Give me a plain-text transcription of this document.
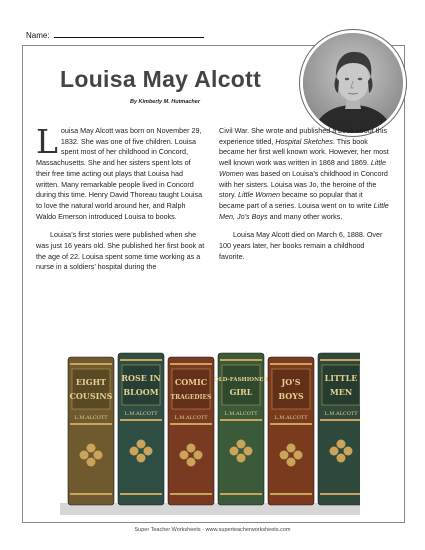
Name:
Louisa May Alcott
By Kimberly M. Hutmacher

Louisa May Alcott was born on November 29, 1832. She was one of five children. Louisa spent most of her childhood in Concord, Massachusetts. She and her sisters spent lots of their free time acting out plays that Louisa had written. Many remarkable people lived in Concord during this time. Henry David Thoreau taught Louisa to love the natural world around her, and Ralph Waldo Emerson introduced Louisa to books.

Louisa’s first stories were published when she was just 16 years old. She published her first book at the age of 22. Louisa spent some time working as a nurse in a soldiers’ hospital during the

Civil War. She wrote and published a book about this experience titled, Hospital Sketches. This book became her first well known work. However, her most well known work was written in 1868 and 1869. Little Women was based on Louisa’s childhood in Concord with her sisters. Louisa was Jo, the heroine of the story. Little Women became so popular that it became part of a series. Louisa went on to write Little Men, Jo’s Boys and many other works.

Louisa May Alcott died on March 6, 1888. Over 100 years later, her books remain a childhood favorite.

EIGHT
COUSINS
L.M.ALCOTT
ROSE IN
BLOOM
L.M.ALCOTT
COMIC
TRAGEDIES
L.M.ALCOTT
OLD-FASHIONED
GIRL
L.M.ALCOTT
JO'S
BOYS
L.M.ALCOTT
LITTLE
MEN
L.M.ALCOTT
Super Teacher Worksheets - www.superteacherworksheets.com
